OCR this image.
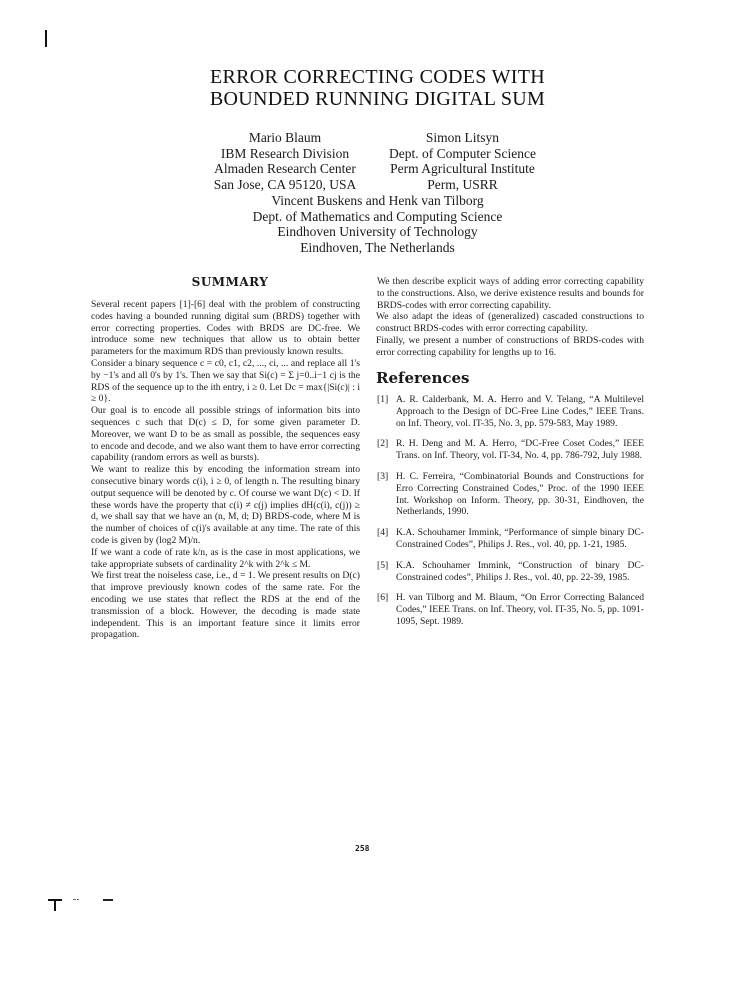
ERROR CORRECTING CODES WITH
BOUNDED RUNNING DIGITAL SUM
Mario Blaum
IBM Research Division
Almaden Research Center
San Jose, CA 95120, USA
Simon Litsyn
Dept. of Computer Science
Perm Agricultural Institute
Perm, USRR
Vincent Buskens and Henk van Tilborg
Dept. of Mathematics and Computing Science
Eindhoven University of Technology
Eindhoven, The Netherlands
SUMMARY

Several recent papers [1]-[6] deal with the problem of constructing codes having a bounded running digital sum (BRDS) together with error correcting properties. Codes with BRDS are DC-free. We introduce some new techniques that allow us to obtain better parameters for the maximum RDS than previously known results.

Consider a binary sequence c = c0, c1, c2, ..., ci, ... and replace all 1's by −1's and all 0's by 1's. Then we say that Si(c) = Σ j=0..i−1 cj is the RDS of the sequence up to the ith entry, i ≥ 0. Let Dc = max{|Si(c)| : i ≥ 0}.

Our goal is to encode all possible strings of information bits into sequences c such that D(c) ≤ D, for some given parameter D. Moreover, we want D to be as small as possible, the sequences easy to encode and decode, and we also want them to have error correcting capability (random errors as well as bursts).

We want to realize this by encoding the information stream into consecutive binary words c(i), i ≥ 0, of length n. The resulting binary output sequence will be denoted by c. Of course we want D(c) < D. If these words have the property that c(i) ≠ c(j) implies dH(c(i), c(j)) ≥ d, we shall say that we have an (n, M, d; D) BRDS-code, where M is the number of choices of c(i)'s available at any time. The rate of this code is given by (log2 M)/n.

If we want a code of rate k/n, as is the case in most applications, we take appropriate subsets of cardinality 2^k with 2^k ≤ M.

We first treat the noiseless case, i.e., d = 1. We present results on D(c) that improve previously known codes of the same rate. For the encoding we use states that reflect the RDS at the end of the transmission of a block. However, the decoding is made state independent. This is an important feature since it limits error propagation.

We then describe explicit ways of adding error correcting capability to the constructions. Also, we derive existence results and bounds for BRDS-codes with error correcting capability.

We also adapt the ideas of (generalized) cascaded constructions to construct BRDS-codes with error correcting capability.

Finally, we present a number of constructions of BRDS-codes with error correcting capability for lengths up to 16.

References
[1] A. R. Calderbank, M. A. Herro and V. Telang, “A Multilevel Approach to the Design of DC-Free Line Codes,” IEEE Trans. on Inf. Theory, vol. IT-35, No. 3, pp. 579-583, May 1989.
[2] R. H. Deng and M. A. Herro, “DC-Free Coset Codes,” IEEE Trans. on Inf. Theory, vol. IT-34, No. 4, pp. 786-792, July 1988.
[3] H. C. Ferreira, “Combinatorial Bounds and Constructions for Erro Correcting Constrained Codes,” Proc. of the 1990 IEEE Int. Workshop on Inform. Theory, pp. 30-31, Eindhoven, the Netherlands, 1990.
[4] K.A. Schouhamer Immink, “Performance of simple binary DC-Constrained Codes”, Philips J. Res., vol. 40, pp. 1-21, 1985.
[5] K.A. Schouhamer Immink, “Construction of binary DC-Constrained codes”, Philips J. Res., vol. 40, pp. 22-39, 1985.
[6] H. van Tilborg and M. Blaum, “On Error Correcting Balanced Codes,” IEEE Trans. on Inf. Theory, vol. IT-35, No. 5, pp. 1091-1095, Sept. 1989.
258
